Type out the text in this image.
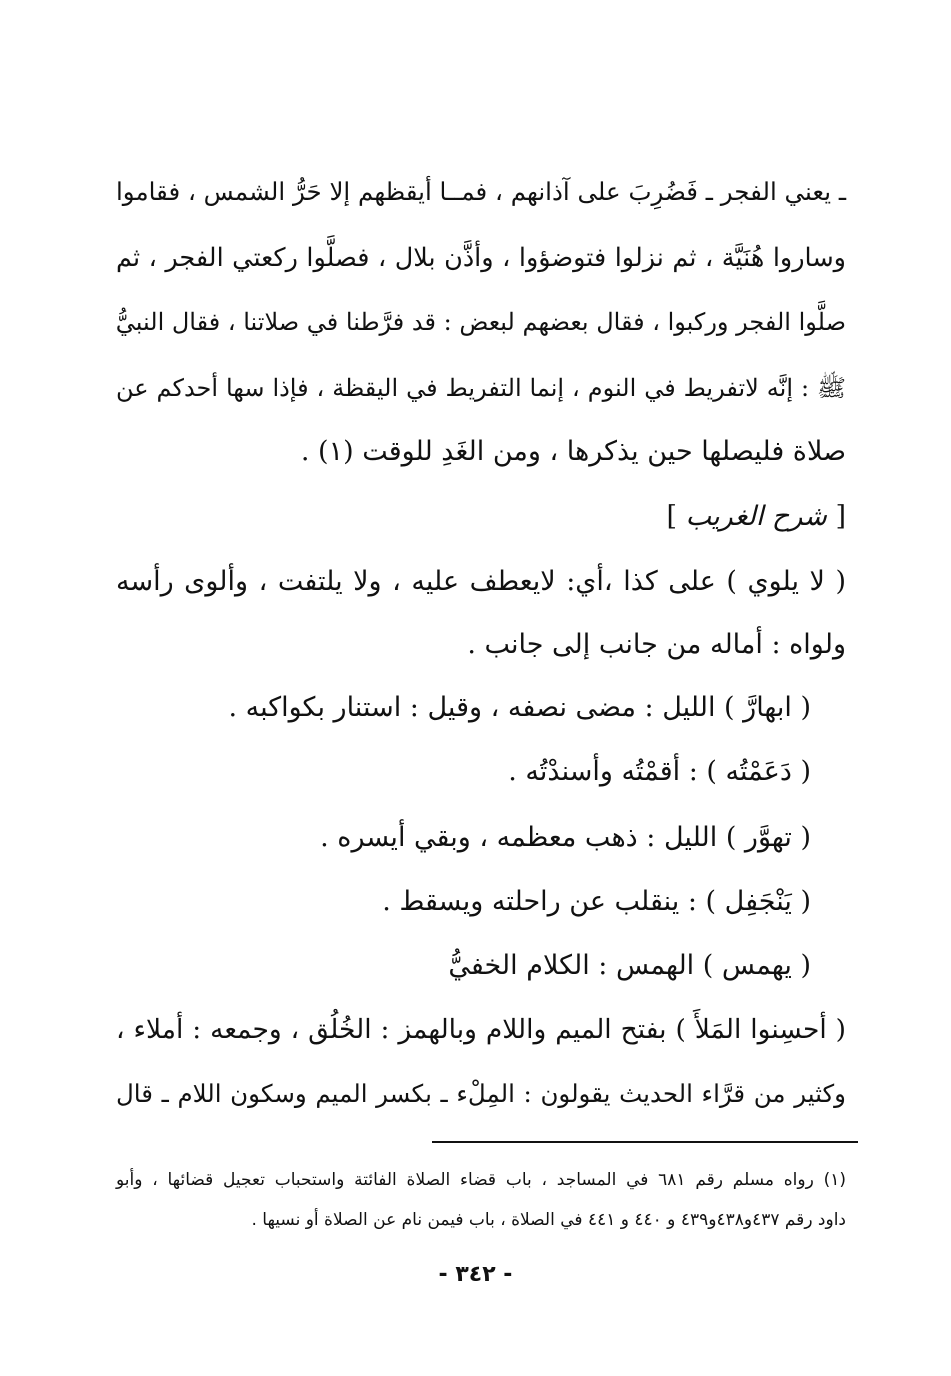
ـ يعني الفجر ـ فَضُرِبَ على آذانهم ، فمــا أيقظهم إلا حَرُّ الشمس ، فقاموا
وساروا هُنَيَّة ، ثم نزلوا فتوضؤوا ، وأذَّن بلال ، فصلَّوا ركعتي الفجر ، ثم
صلَّوا الفجر وركبوا ، فقال بعضهم لبعض : قد فرَّطنا في صلاتنا ، فقال النبيُّ
ﷺ : إنَّه لاتفريط في النوم ، إنما التفريط في اليقظة ، فإذا سها أحدكم عن
صلاة فليصلها حين يذكرها ، ومن الغَدِ للوقت (١) .
[ شرح الغريب ]
( لا يلوي ) على كذا ،أي: لايعطف عليه ، ولا يلتفت ، وألوى رأسه
ولواه : أماله من جانب إلى جانب .
( ابهارَّ ) الليل : مضى نصفه ، وقيل : استنار بكواكبه .
( دَعَمْتُه ) : أقمْتُه وأسندْتُه .
( تهوَّر ) الليل : ذهب معظمه ، وبقي أيسره .
( يَنْجَفِل ) : ينقلب عن راحلته ويسقط .
( يهمس ) الهمس : الكلام الخفيُّ
( أحسِنوا المَلأَ ) بفتح الميم واللام وبالهمز : الخُلُق ، وجمعه : أملاء ،
وكثير من قرَّاء الحديث يقولون : المِلْء ـ بكسر الميم وسكون اللام ـ قال
(١) رواه مسلم رقم ٦٨١ في المساجد ، باب قضاء الصلاة الفائتة واستحباب تعجيل قضائها ، وأبو
داود رقم ٤٣٧و٤٣٨و٤٣٩ و ٤٤٠ و ٤٤١ في الصلاة ، باب فيمن نام عن الصلاة أو نسيها .
- ٣٤٢ -
